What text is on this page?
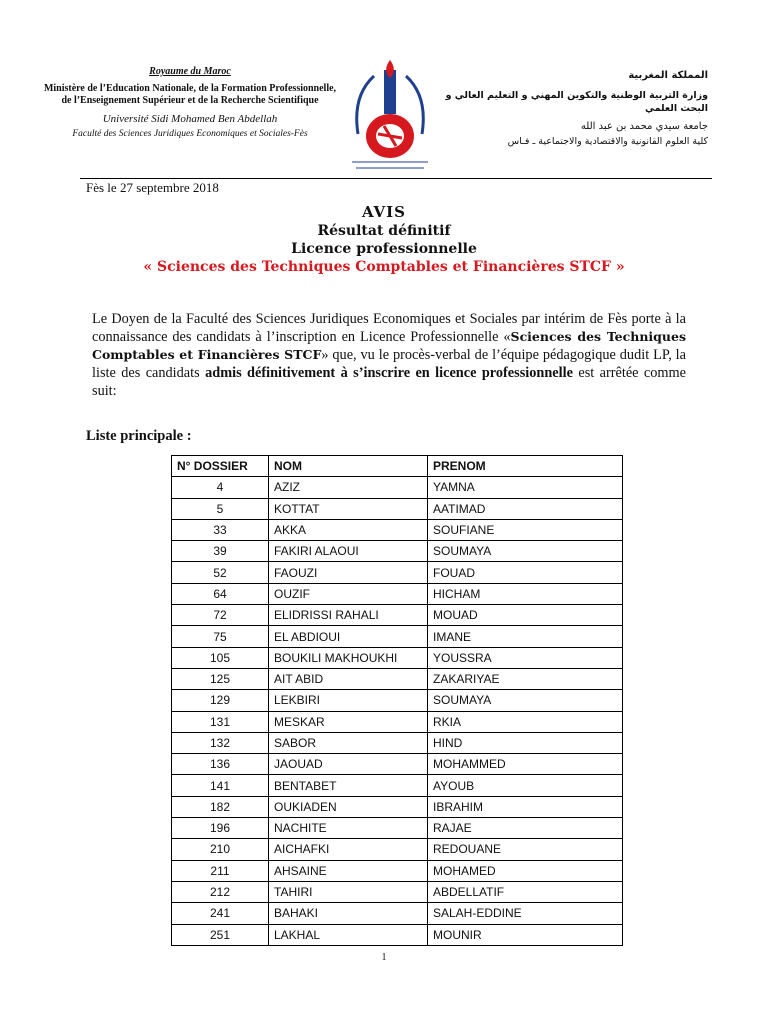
Royaume du Maroc
Ministère de l’Education Nationale, de la Formation Professionnelle, de l’Enseignement Supérieur et de la Recherche Scientifique
Université Sidi Mohamed Ben Abdellah
Faculté des Sciences Juridiques Economiques et Sociales-Fès
المملكة المغربية
وزارة التربية الوطنية والتكوين المهني و التعليم العالي و البحث العلمي
جامعة سيدي محمد بن عبد الله
كلية العلوم القانونية والاقتصادية والاجتماعية ـ فـاس
Fès le 27 septembre 2018
AVIS
Résultat définitif
Licence professionnelle
« Sciences des Techniques Comptables et Financières STCF »
Le Doyen de la Faculté des Sciences Juridiques Economiques et Sociales par intérim de Fès porte à la connaissance des candidats à l’inscription en Licence Professionnelle «Sciences des Techniques Comptables et Financières STCF» que, vu le procès-verbal de l’équipe pédagogique dudit LP, la liste des candidats admis définitivement à s’inscrire en licence professionnelle est arrêtée comme suit:
Liste principale :
N° DOSSIER	NOM	PRENOM
4	AZIZ	YAMNA
5	KOTTAT	AATIMAD
33	AKKA	SOUFIANE
39	FAKIRI ALAOUI	SOUMAYA
52	FAOUZI	FOUAD
64	OUZIF	HICHAM
72	ELIDRISSI RAHALI	MOUAD
75	EL ABDIOUI	IMANE
105	BOUKILI MAKHOUKHI	YOUSSRA
125	AIT ABID	ZAKARIYAE
129	LEKBIRI	SOUMAYA
131	MESKAR	RKIA
132	SABOR	HIND
136	JAOUAD	MOHAMMED
141	BENTABET	AYOUB
182	OUKIADEN	IBRAHIM
196	NACHITE	RAJAE
210	AICHAFKI	REDOUANE
211	AHSAINE	MOHAMED
212	TAHIRI	ABDELLATIF
241	BAHAKI	SALAH-EDDINE
251	LAKHAL	MOUNIR
1
